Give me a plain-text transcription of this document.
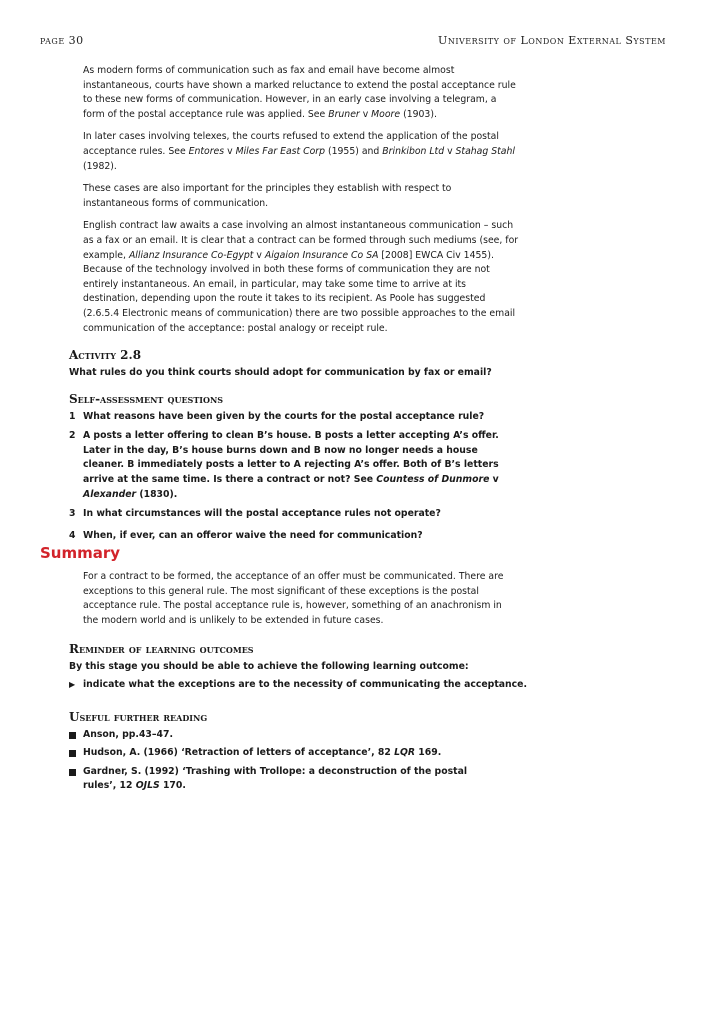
page 30	University of London External System

As modern forms of communication such as fax and email have become almost instantaneous, courts have shown a marked reluctance to extend the postal acceptance rule to these new forms of communication. However, in an early case involving a telegram, a form of the postal acceptance rule was applied. See Bruner v Moore (1903).

In later cases involving telexes, the courts refused to extend the application of the postal acceptance rules. See Entores v Miles Far East Corp (1955) and Brinkibon Ltd v Stahag Stahl (1982).

These cases are also important for the principles they establish with respect to instantaneous forms of communication.

English contract law awaits a case involving an almost instantaneous communication – such as a fax or an email. It is clear that a contract can be formed through such mediums (see, for example, Allianz Insurance Co-Egypt v Aigaion Insurance Co SA [2008] EWCA Civ 1455). Because of the technology involved in both these forms of communication they are not entirely instantaneous. An email, in particular, may take some time to arrive at its destination, depending upon the route it takes to its recipient. As Poole has suggested (2.6.5.4 Electronic means of communication) there are two possible approaches to the email communication of the acceptance: postal analogy or receipt rule.

Activity 2.8
What rules do you think courts should adopt for communication by fax or email?
Self-assessment questions
1 What reasons have been given by the courts for the postal acceptance rule?
2 A posts a letter offering to clean B’s house. B posts a letter accepting A’s offer. Later in the day, B’s house burns down and B now no longer needs a house cleaner. B immediately posts a letter to A rejecting A’s offer. Both of B’s letters arrive at the same time. Is there a contract or not? See Countess of Dunmore v Alexander (1830).
3 In what circumstances will the postal acceptance rules not operate?
4 When, if ever, can an offeror waive the need for communication?
Summary
For a contract to be formed, the acceptance of an offer must be communicated. There are exceptions to this general rule. The most significant of these exceptions is the postal acceptance rule. The postal acceptance rule is, however, something of an anachronism in the modern world and is unlikely to be extended in future cases.
Reminder of learning outcomes
By this stage you should be able to achieve the following learning outcome:
▶ indicate what the exceptions are to the necessity of communicating the acceptance.
Useful further reading
Anson, pp.43–47.
Hudson, A. (1966) ‘Retraction of letters of acceptance’, 82 LQR 169.
Gardner, S. (1992) ‘Trashing with Trollope: a deconstruction of the postal rules’, 12 OJLS 170.
